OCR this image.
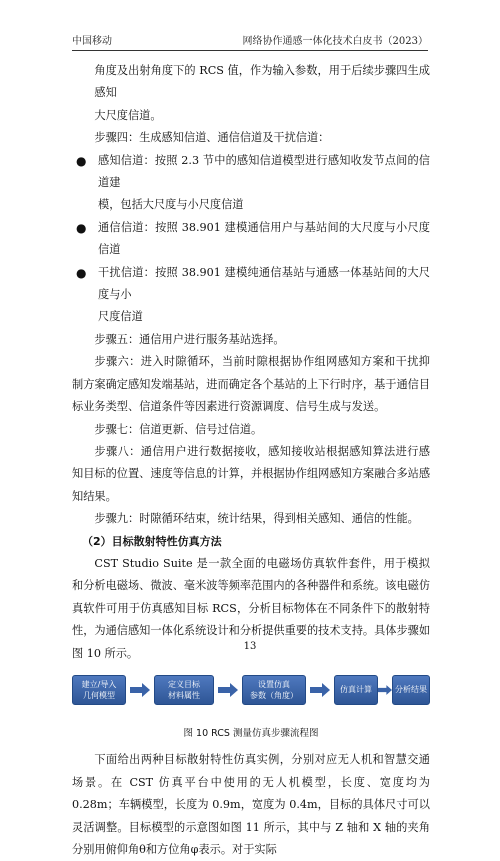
中国移动	网络协作通感一体化技术白皮书（2023）

角度及出射角度下的 RCS 值，作为输入参数，用于后续步骤四生成感知

大尺度信道。

步骤四：生成感知信道、通信信道及干扰信道：

● 感知信道：按照 2.3 节中的感知信道模型进行感知收发节点间的信道建

模，包括大尺度与小尺度信道

● 通信信道：按照 38.901 建模通信用户与基站间的大尺度与小尺度信道

● 干扰信道：按照 38.901 建模纯通信基站与通感一体基站间的大尺度与小

尺度信道

步骤五：通信用户进行服务基站选择。

步骤六：进入时隙循环，当前时隙根据协作组网感知方案和干扰抑制方案确定感知发端基站，进而确定各个基站的上下行时序，基于通信目标业务类型、信道条件等因素进行资源调度、信号生成与发送。

步骤七：信道更新、信号过信道。

步骤八：通信用户进行数据接收，感知接收站根据感知算法进行感知目标的位置、速度等信息的计算，并根据协作组网感知方案融合多站感知结果。

步骤九：时隙循环结束，统计结果，得到相关感知、通信的性能。

（2）目标散射特性仿真方法

CST Studio Suite 是一款全面的电磁场仿真软件套件，用于模拟和分析电磁场、微波、毫米波等频率范围内的各种器件和系统。该电磁仿真软件可用于仿真感知目标 RCS，分析目标物体在不同条件下的散射特性，为通信感知一体化系统设计和分析提供重要的技术支持。具体步骤如图 10 所示。

建立/导入
几何模型
定义目标
材料属性
设置仿真
参数（角度）
仿真计算	分析结果

图 10 RCS 测量仿真步骤流程图

下面给出两种目标散射特性仿真实例，分别对应无人机和智慧交通场景。在 CST 仿真平台中使用的无人机模型，长度、宽度均为 0.28m；车辆模型，长度为 0.9m，宽度为 0.4m，目标的具体尺寸可以灵活调整。目标模型的示意图如图 11 所示，其中与 Z 轴和 X 轴的夹角分别用俯仰角θ和方位角φ表示。对于实际

13
